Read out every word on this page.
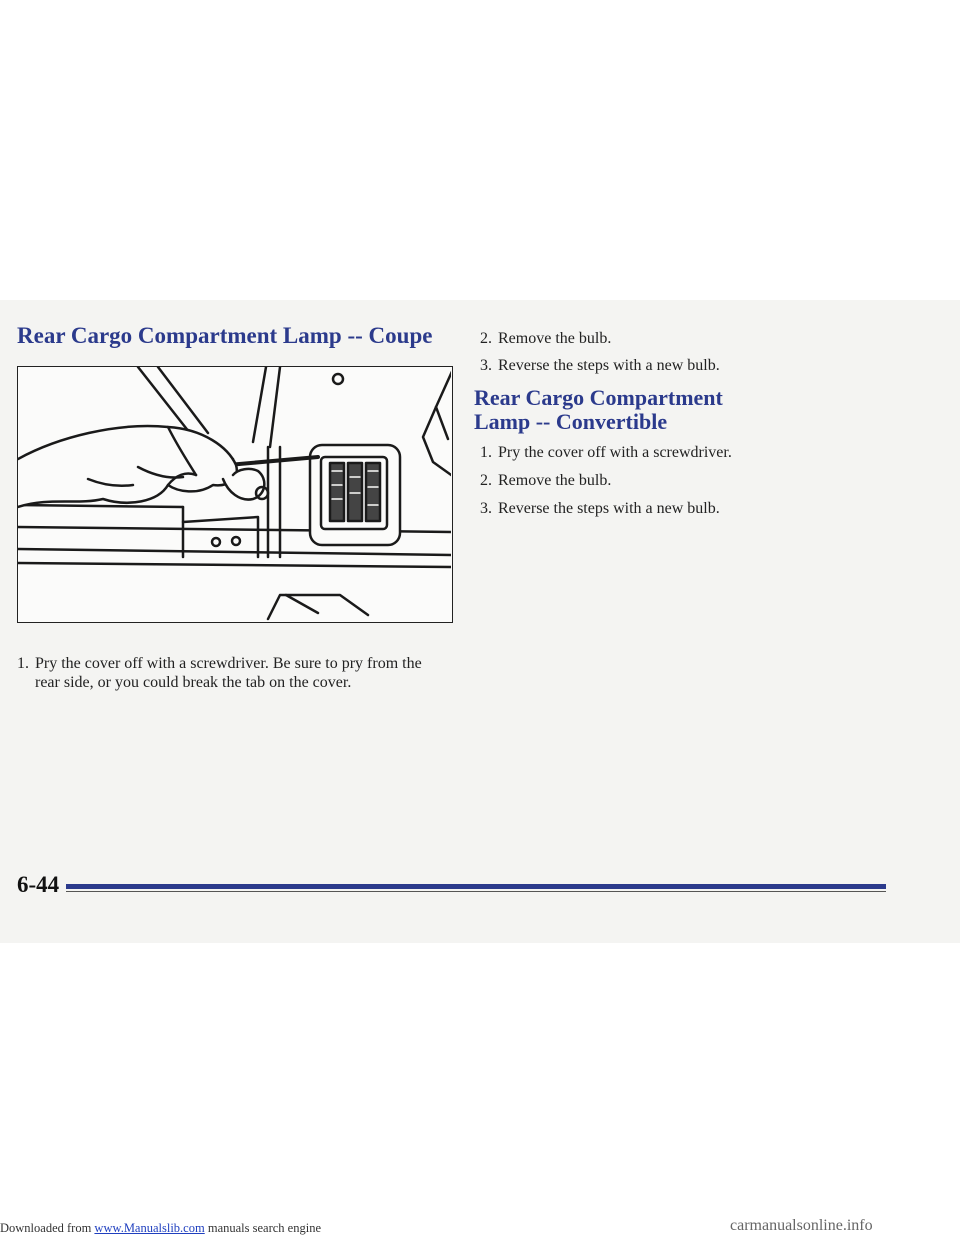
Rear Cargo Compartment Lamp -- Coupe
1. Pry the cover off with a screwdriver. Be sure to pry from the rear side, or you could break the tab on the cover.
2. Remove the bulb.
3. Reverse the steps with a new bulb.
Rear Cargo Compartment Lamp -- Convertible
1. Pry the cover off with a screwdriver.
2. Remove the bulb.
3. Reverse the steps with a new bulb.
6-44
Downloaded from www.Manualslib.com manuals search engine	carmanualsonline.info
